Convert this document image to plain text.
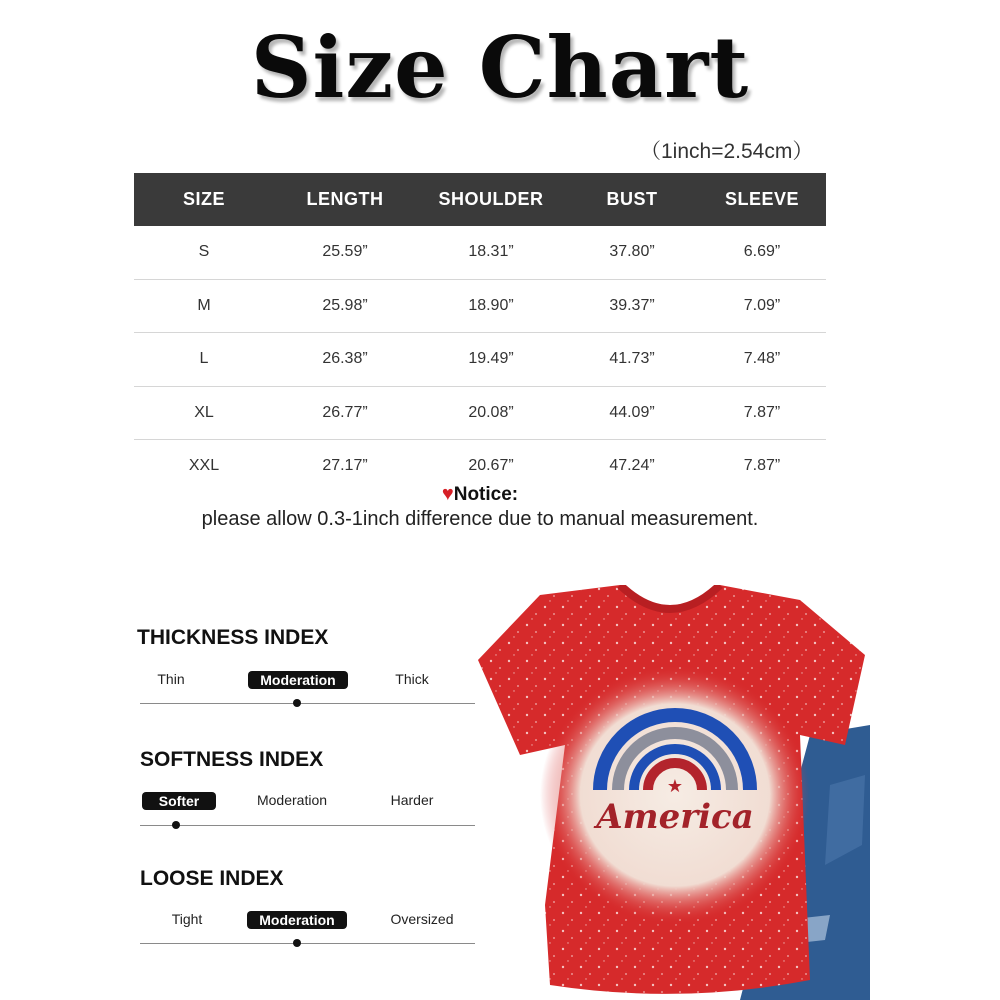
Size Chart
（1inch=2.54cm）
SIZE	LENGTH	SHOULDER	BUST	SLEEVE
S	25.59”	18.31”	37.80”	6.69”
M	25.98”	18.90”	39.37”	7.09”
L	26.38”	19.49”	41.73”	7.48”
XL	26.77”	20.08”	44.09”	7.87”
XXL	27.17”	20.67”	47.24”	7.87”
♥Notice:
please allow 0.3-1inch difference due to manual measurement.
THICKNESS INDEX
Thin	Moderation	Thick
SOFTNESS INDEX
Softer	Moderation	Harder
LOOSE INDEX
Tight	Moderation	Oversized
★
America
